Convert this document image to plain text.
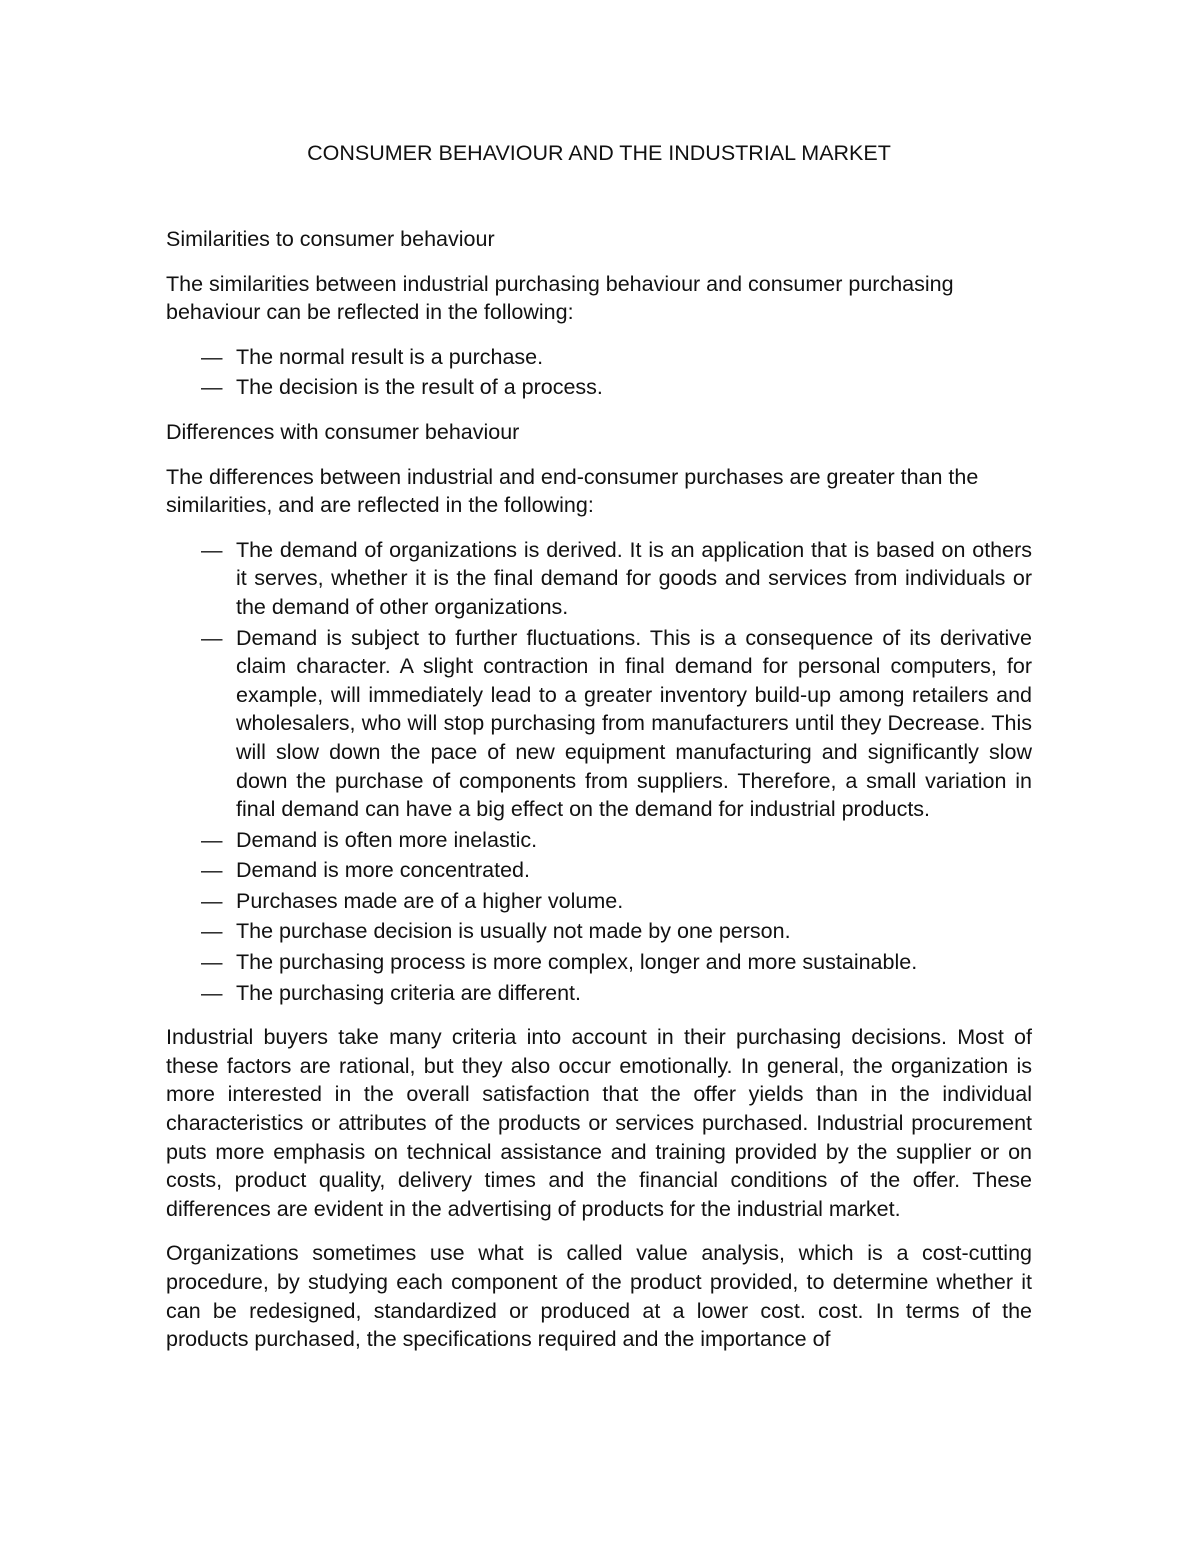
CONSUMER BEHAVIOUR AND THE INDUSTRIAL MARKET
Similarities to consumer behaviour
The similarities between industrial purchasing behaviour and consumer purchasing behaviour can be reflected in the following:
— The normal result is a purchase.
— The decision is the result of a process.
Differences with consumer behaviour
The differences between industrial and end-consumer purchases are greater than the similarities, and are reflected in the following:
— The demand of organizations is derived. It is an application that is based on others it serves, whether it is the final demand for goods and services from individuals or the demand of other organizations.
— Demand is subject to further fluctuations. This is a consequence of its derivative claim character. A slight contraction in final demand for personal computers, for example, will immediately lead to a greater inventory build-up among retailers and wholesalers, who will stop purchasing from manufacturers until they Decrease. This will slow down the pace of new equipment manufacturing and significantly slow down the purchase of components from suppliers. Therefore, a small variation in final demand can have a big effect on the demand for industrial products.
— Demand is often more inelastic.
— Demand is more concentrated.
— Purchases made are of a higher volume.
— The purchase decision is usually not made by one person.
— The purchasing process is more complex, longer and more sustainable.
— The purchasing criteria are different.
Industrial buyers take many criteria into account in their purchasing decisions. Most of these factors are rational, but they also occur emotionally. In general, the organization is more interested in the overall satisfaction that the offer yields than in the individual characteristics or attributes of the products or services purchased. Industrial procurement puts more emphasis on technical assistance and training provided by the supplier or on costs, product quality, delivery times and the financial conditions of the offer. These differences are evident in the advertising of products for the industrial market.
Organizations sometimes use what is called value analysis, which is a cost-cutting procedure, by studying each component of the product provided, to determine whether it can be redesigned, standardized or produced at a lower cost. cost. In terms of the products purchased, the specifications required and the importance of
